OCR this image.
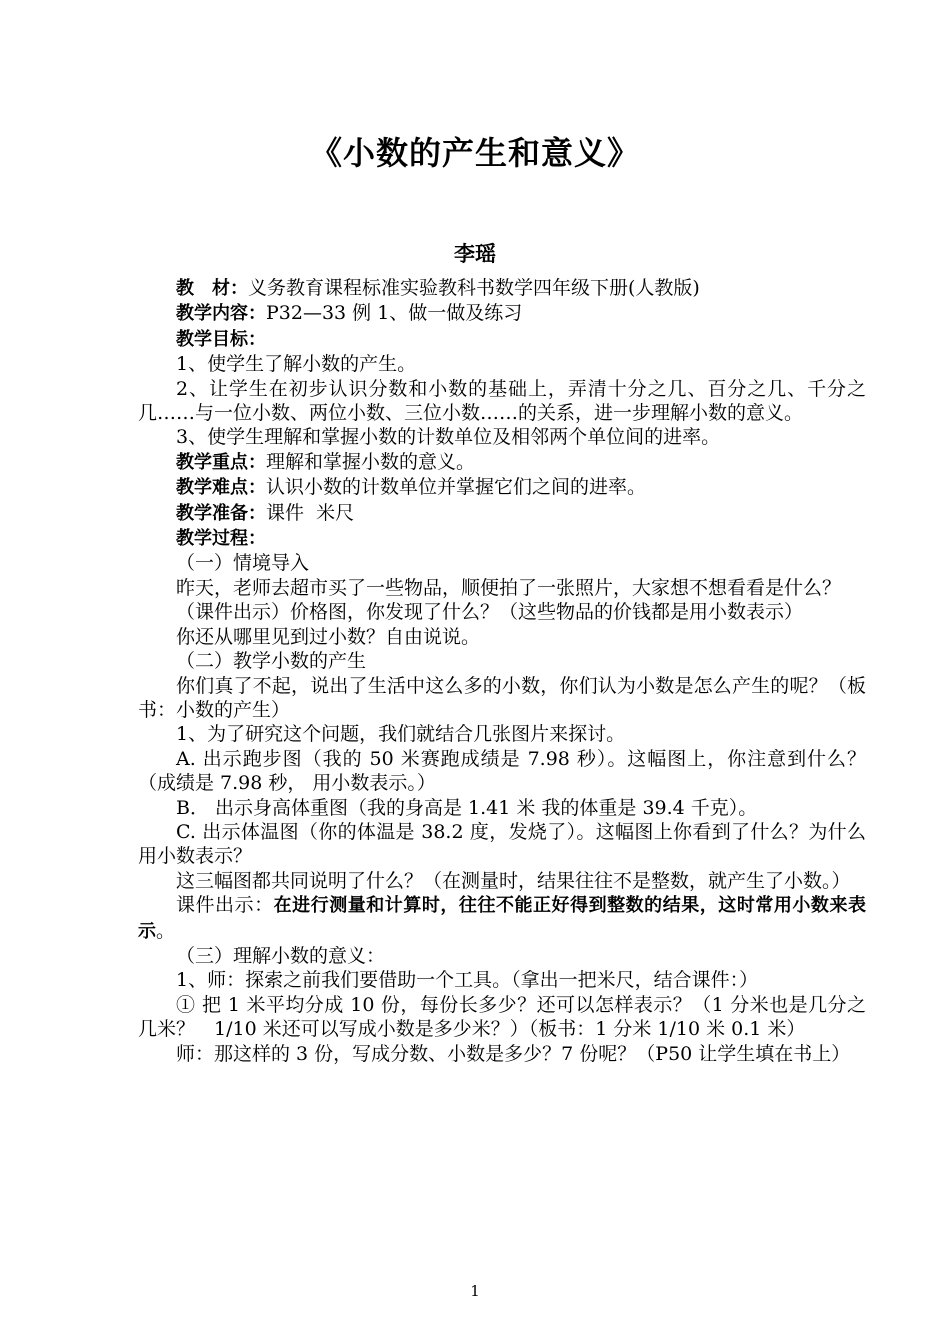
《小数的产生和意义》
李瑶

教　材：义务教育课程标准实验教科书数学四年级下册(人教版)

教学内容：P32—33 例 1、做一做及练习

教学目标：

1、使学生了解小数的产生。

2、让学生在初步认识分数和小数的基础上，弄清十分之几、百分之几、千分之几……与一位小数、两位小数、三位小数……的关系，进一步理解小数的意义。

3、使学生理解和掌握小数的计数单位及相邻两个单位间的进率。

教学重点：理解和掌握小数的意义。

教学难点：认识小数的计数单位并掌握它们之间的进率。

教学准备：课件  米尺

教学过程：

（一）情境导入

昨天，老师去超市买了一些物品，顺便拍了一张照片，大家想不想看看是什么？

（课件出示）价格图，你发现了什么？（这些物品的价钱都是用小数表示）

你还从哪里见到过小数？自由说说。

（二）教学小数的产生

你们真了不起，说出了生活中这么多的小数，你们认为小数是怎么产生的呢？（板书：小数的产生）

1、为了研究这个问题，我们就结合几张图片来探讨。

A. 出示跑步图（我的 50 米赛跑成绩是 7.98 秒）。这幅图上，你注意到什么？（成绩是 7.98 秒， 用小数表示。）

B． 出示身高体重图（我的身高是 1.41 米 我的体重是 39.4 千克）。

C. 出示体温图（你的体温是 38.2 度，发烧了）。这幅图上你看到了什么？为什么用小数表示？

这三幅图都共同说明了什么？（在测量时，结果往往不是整数，就产生了小数。）

课件出示：在进行测量和计算时，往往不能正好得到整数的结果，这时常用小数来表示。

（三）理解小数的意义：

1、师：探索之前我们要借助一个工具。（拿出一把米尺，结合课件：）

① 把 1 米平均分成 10 份，每份长多少？还可以怎样表示？（1 分米也是几分之几米？　1/10 米还可以写成小数是多少米？）（板书：1 分米 1/10 米 0.1 米）

师：那这样的 3 份，写成分数、小数是多少？7 份呢？（P50 让学生填在书上）

1
